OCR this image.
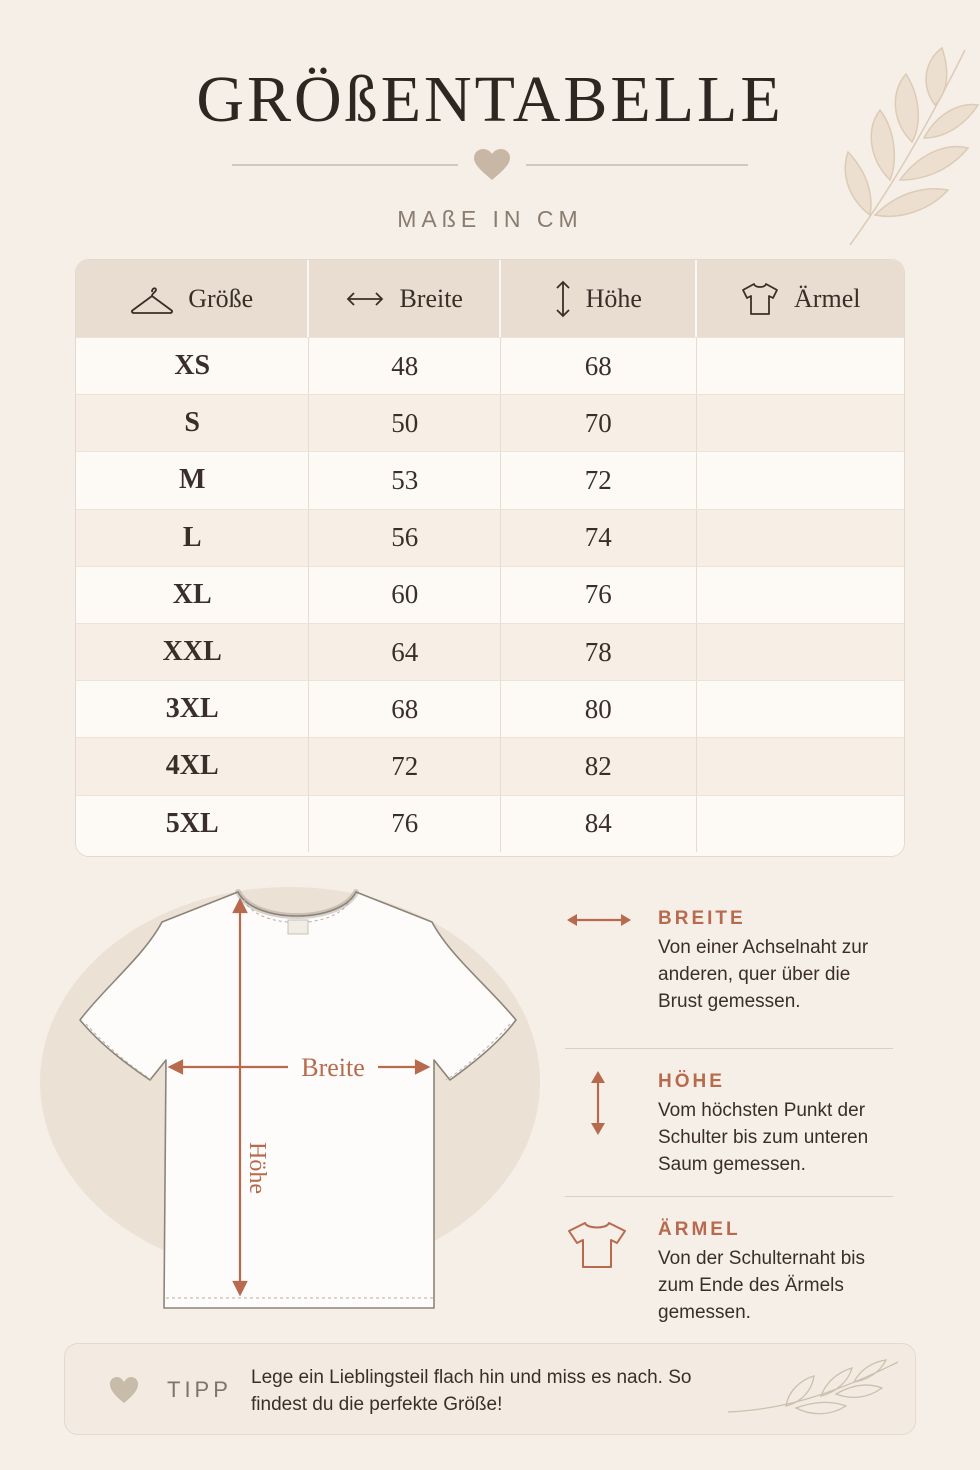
GRÖßENTABELLE
MAßE IN CM
Größe	Breite	Höhe	Ärmel
XS	48	68
S	50	70
M	53	72
L	56	74
XL	60	76
XXL	64	78
3XL	68	80
4XL	72	82
5XL	76	84
Breite
Höhe
BREITE
Von einer Achselnaht zur anderen, quer über die Brust gemessen.
HÖHE
Vom höchsten Punkt der Schulter bis zum unteren Saum gemessen.
ÄRMEL
Von der Schulternaht bis zum Ende des Ärmels gemessen.
TIPP Lege ein Lieblingsteil flach hin und miss es nach. So findest du die perfekte Größe!
